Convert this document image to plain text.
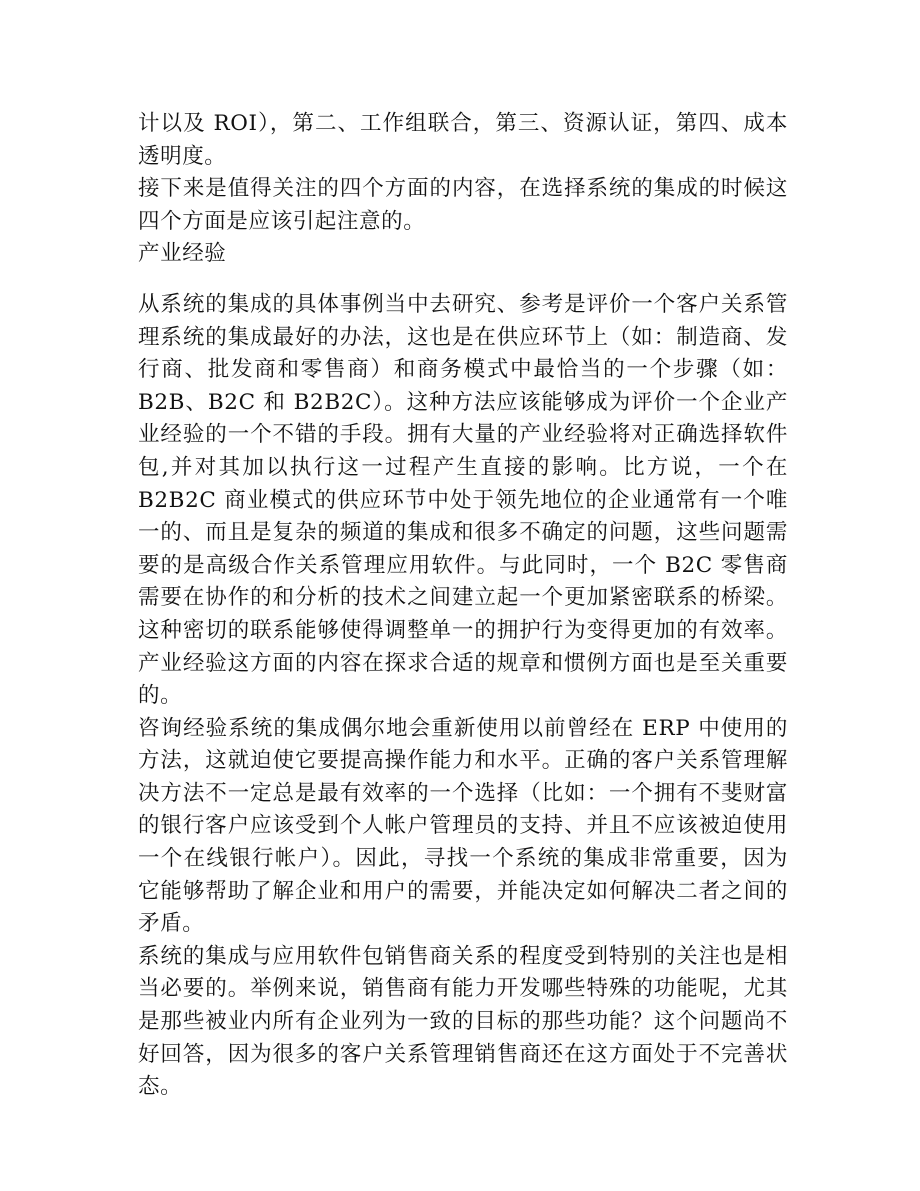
计以及 ROI），第二、工作组联合，第三、资源认证，第四、成本透明度。

接下来是值得关注的四个方面的内容，在选择系统的集成的时候这四个方面是应该引起注意的。

产业经验

从系统的集成的具体事例当中去研究、参考是评价一个客户关系管理系统的集成最好的办法，这也是在供应环节上（如：制造商、发行商、批发商和零售商）和商务模式中最恰当的一个步骤（如：B2B、B2C 和 B2B2C）。这种方法应该能够成为评价一个企业产业经验的一个不错的手段。拥有大量的产业经验将对正确选择软件包,并对其加以执行这一过程产生直接的影响。比方说，一个在 B2B2C 商业模式的供应环节中处于领先地位的企业通常有一个唯一的、而且是复杂的频道的集成和很多不确定的问题，这些问题需要的是高级合作关系管理应用软件。与此同时，一个 B2C 零售商需要在协作的和分析的技术之间建立起一个更加紧密联系的桥梁。这种密切的联系能够使得调整单一的拥护行为变得更加的有效率。产业经验这方面的内容在探求合适的规章和惯例方面也是至关重要的。

咨询经验系统的集成偶尔地会重新使用以前曾经在 ERP 中使用的方法，这就迫使它要提高操作能力和水平。正确的客户关系管理解决方法不一定总是最有效率的一个选择（比如：一个拥有不斐财富的银行客户应该受到个人帐户管理员的支持、并且不应该被迫使用一个在线银行帐户）。因此，寻找一个系统的集成非常重要，因为它能够帮助了解企业和用户的需要，并能决定如何解决二者之间的矛盾。

系统的集成与应用软件包销售商关系的程度受到特别的关注也是相当必要的。举例来说，销售商有能力开发哪些特殊的功能呢，尤其是那些被业内所有企业列为一致的目标的那些功能？这个问题尚不好回答，因为很多的客户关系管理销售商还在这方面处于不完善状态。
